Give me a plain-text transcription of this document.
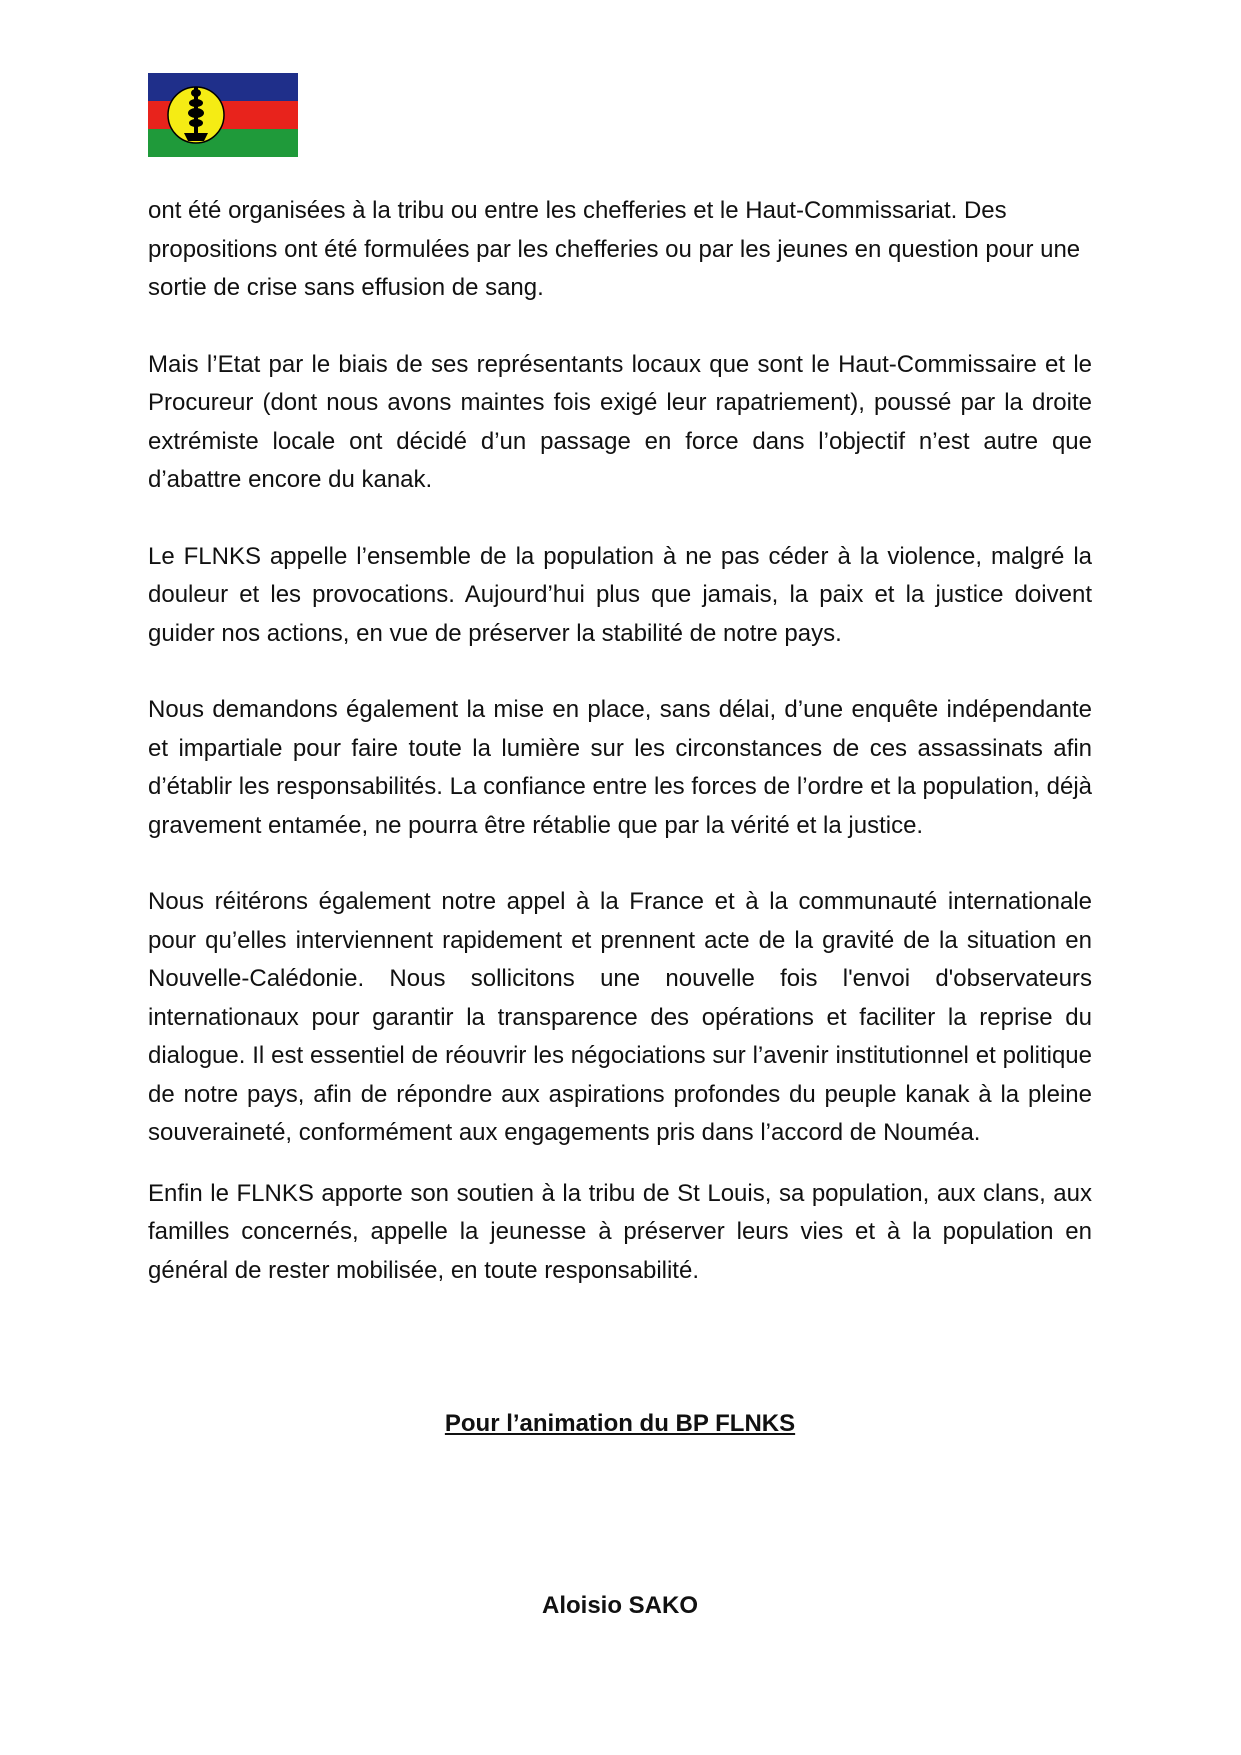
ont été organisées à la tribu ou entre les chefferies et le Haut-Commissariat. Des propositions ont été formulées par les chefferies ou par les jeunes en question pour une sortie de crise sans effusion de sang.

Mais l’Etat par le biais de ses représentants locaux que sont le Haut-Commissaire et le Procureur (dont nous avons maintes fois exigé leur rapatriement), poussé par la droite extrémiste locale ont décidé d’un passage en force dans l’objectif n’est autre que d’abattre encore du kanak.

Le FLNKS appelle l’ensemble de la population à ne pas céder à la violence, malgré la douleur et les provocations. Aujourd’hui plus que jamais, la paix et la justice doivent guider nos actions, en vue de préserver la stabilité de notre pays.

Nous demandons également la mise en place, sans délai, d’une enquête indépendante et impartiale pour faire toute la lumière sur les circonstances de ces assassinats afin d’établir les responsabilités. La confiance entre les forces de l’ordre et la population, déjà gravement entamée, ne pourra être rétablie que par la vérité et la justice.

Nous réitérons également notre appel à la France et à la communauté internationale pour qu’elles interviennent rapidement et prennent acte de la gravité de la situation en Nouvelle-Calédonie. Nous sollicitons une nouvelle fois l'envoi d'observateurs internationaux pour garantir la transparence des opérations et faciliter la reprise du dialogue. Il est essentiel de réouvrir les négociations sur l’avenir institutionnel et politique de notre pays, afin de répondre aux aspirations profondes du peuple kanak à la pleine souveraineté, conformément aux engagements pris dans l’accord de Nouméa.

Enfin le FLNKS apporte son soutien à la tribu de St Louis, sa population, aux clans, aux familles concernés, appelle la jeunesse à préserver leurs vies et à la population en général de rester mobilisée, en toute responsabilité.

Pour l’animation du BP FLNKS
Aloisio SAKO
